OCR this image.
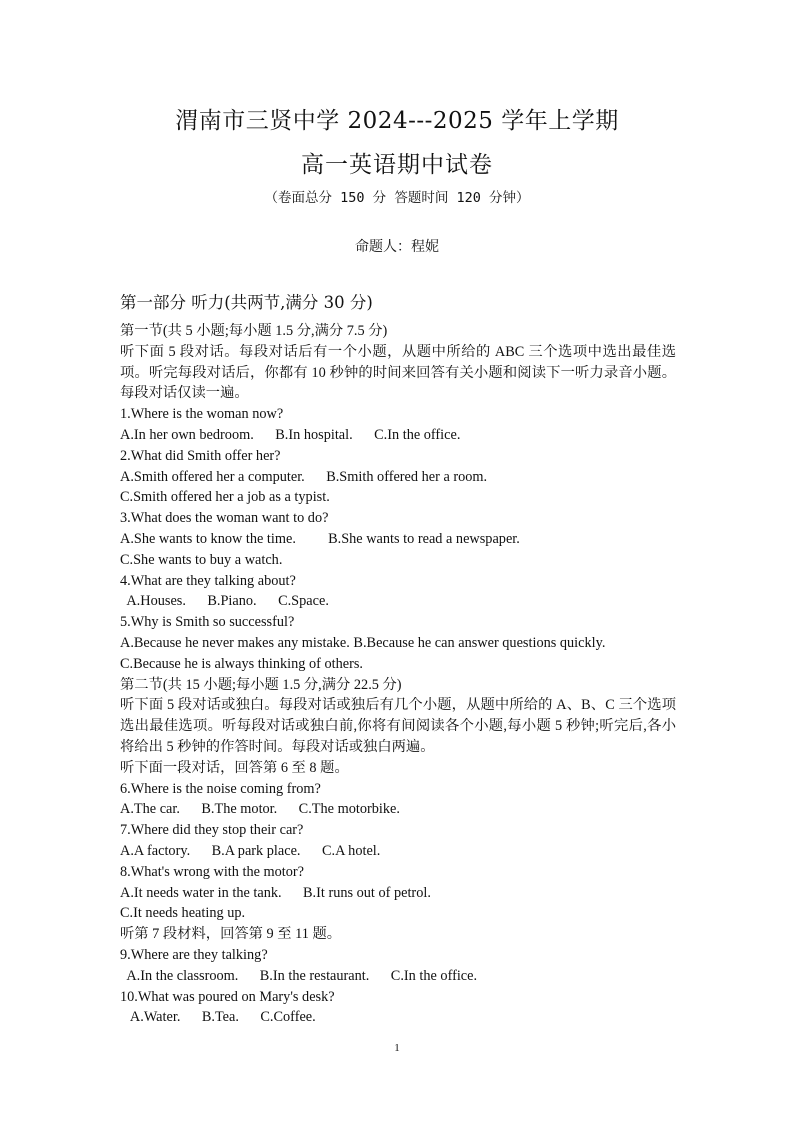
渭南市三贤中学 2024---2025 学年上学期
高一英语期中试卷
（卷面总分 150 分 答题时间 120 分钟）
命题人：程妮
第一部分 听力(共两节,满分 30 分)
第一节(共 5 小题;每小题 1.5 分,满分 7.5 分)
听下面 5 段对话。每段对话后有一个小题，从题中所给的 ABC 三个选项中选出最佳选项。听完每段对话后，你都有 10 秒钟的时间来回答有关小题和阅读下一听力录音小题。每段对话仅读一遍。
1.Where is the woman now?
A.In her own bedroom.      B.In hospital.      C.In the office.
2.What did Smith offer her?
A.Smith offered her a computer.      B.Smith offered her a room.
C.Smith offered her a job as a typist.
3.What does the woman want to do?
A.She wants to know the time.         B.She wants to read a newspaper.
C.She wants to buy a watch.
4.What are they talking about?
A.Houses.      B.Piano.      C.Space.
5.Why is Smith so successful?
A.Because he never makes any mistake. B.Because he can answer questions quickly.
C.Because he is always thinking of others.
第二节(共 15 小题;每小题 1.5 分,满分 22.5 分)
听下面 5 段对话或独白。每段对话或独后有几个小题，从题中所给的 A、B、C 三个选项选出最佳选项。听每段对话或独白前,你将有间阅读各个小题,每小题 5 秒钟;听完后,各小将给出 5 秒钟的作答时间。每段对话或独白两遍。
听下面一段对话，回答第 6 至 8 题。
6.Where is the noise coming from?
A.The car.      B.The motor.      C.The motorbike.
7.Where did they stop their car?
A.A factory.      B.A park place.      C.A hotel.
8.What's wrong with the motor?
A.It needs water in the tank.      B.It runs out of petrol.
C.It needs heating up.
听第 7 段材料，回答第 9 至 11 题。
9.Where are they talking?
A.In the classroom.      B.In the restaurant.      C.In the office.
10.What was poured on Mary's desk?
A.Water.      B.Tea.      C.Coffee.
1
